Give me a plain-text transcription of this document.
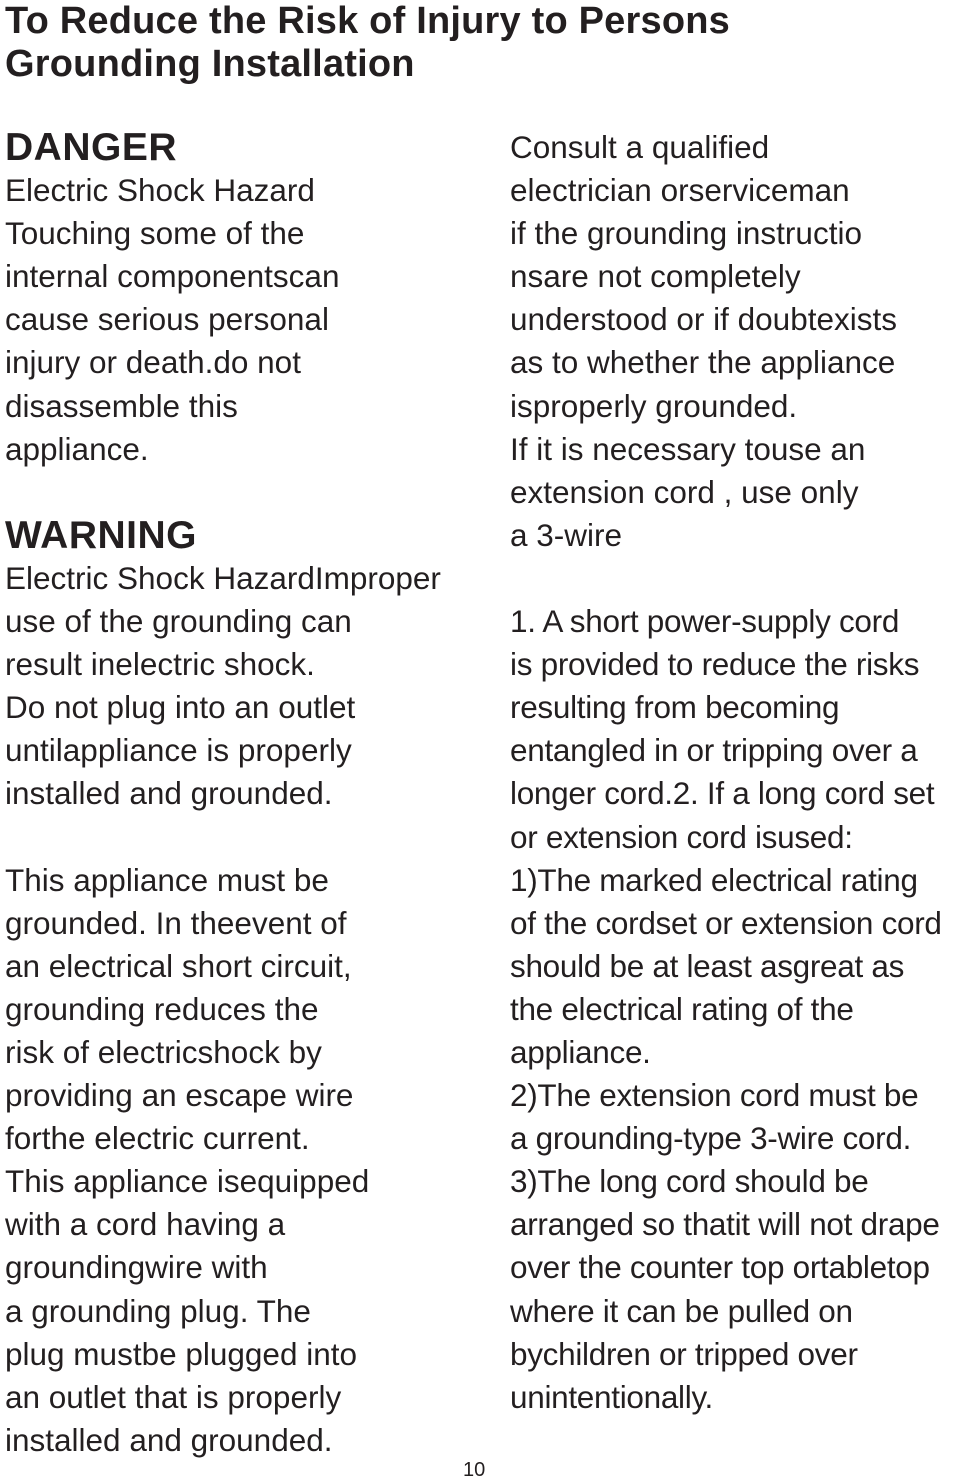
To Reduce the Risk of Injury to Persons
Grounding Installation
DANGER
Electric Shock Hazard
Touching some of the
internal componentscan
cause serious personal
injury or death.do not
disassemble this
appliance.
WARNING
Electric Shock HazardImproper
use of the grounding can
result inelectric shock.
Do not plug into an outlet
untilappliance is properly
installed and grounded.
This appliance must be
grounded. In theevent of
an electrical short circuit,
grounding reduces the
risk of electricshock by
providing an escape wire
forthe electric current.
This appliance isequipped
with a cord having a
groundingwire with
a grounding plug. The
plug mustbe plugged into
an outlet that is properly
installed and grounded.
Consult a qualified
electrician orserviceman
if the grounding instructio
nsare not completely
understood or if doubtexists
as to whether the appliance
isproperly grounded.
If it is necessary touse an
extension cord , use only
a 3-wire
1. A short power-supply cord
is provided to reduce the risks
resulting from becoming
entangled in or tripping over a
longer cord.2. If a long cord set
or extension cord isused:
1)The marked electrical rating
of the cordset or extension cord
should be at least asgreat as
the electrical rating of the
appliance.
2)The extension cord must be
a grounding-type 3-wire cord.
3)The long cord should be
arranged so thatit will not drape
over the counter top ortabletop
where it can be pulled on
bychildren or tripped over
unintentionally.
10
